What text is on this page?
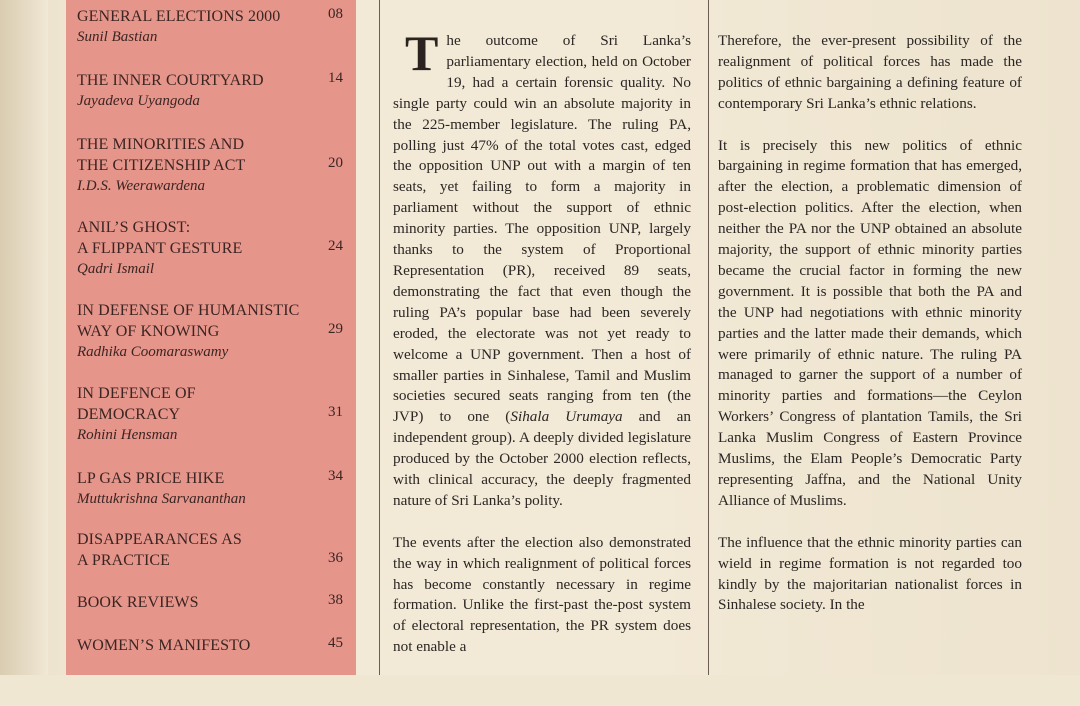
GENERAL ELECTIONS 2000
Sunil Bastian
08
THE INNER COURTYARD
Jayadeva Uyangoda
14
THE MINORITIES AND
THE CITIZENSHIP ACT
I.D.S. Weerawardena
20
ANIL’S GHOST:
A FLIPPANT GESTURE
Qadri Ismail
24
IN DEFENSE OF HUMANISTIC
WAY OF KNOWING
Radhika Coomaraswamy
29
IN DEFENCE OF
DEMOCRACY
Rohini Hensman
31
LP GAS PRICE HIKE
Muttukrishna Sarvananthan
34
DISAPPEARANCES AS
A PRACTICE	36
BOOK REVIEWS	38
WOMEN’S MANIFESTO	45

The outcome of Sri Lanka’s parliamentary election, held on October 19, had a certain forensic quality. No single party could win an absolute majority in the 225-member legislature. The ruling PA, polling just 47% of the total votes cast, edged the opposition UNP out with a margin of ten seats, yet failing to form a majority in parliament without the support of ethnic minority parties. The opposition UNP, largely thanks to the system of Proportional Representation (PR), received 89 seats, demonstrating the fact that even though the ruling PA’s popular base had been severely eroded, the electorate was not yet ready to welcome a UNP government. Then a host of smaller parties in Sinhalese, Tamil and Muslim societies secured seats ranging from ten (the JVP) to one (Sihala Urumaya and an independent group). A deeply divided legislature produced by the October 2000 election reflects, with clinical accuracy, the deeply fragmented nature of Sri Lanka’s polity.

The events after the election also demonstrated the way in which realignment of political forces has become constantly necessary in regime formation. Unlike the first-past the-post system of electoral representation, the PR system does not enable a

Therefore, the ever-present possibility of the realignment of political forces has made the politics of ethnic bargaining a defining feature of contemporary Sri Lanka’s ethnic relations.

It is precisely this new politics of ethnic bargaining in regime formation that has emerged, after the election, a problematic dimension of post-election politics. After the election, when neither the PA nor the UNP obtained an absolute majority, the support of ethnic minority parties became the crucial factor in forming the new government. It is possible that both the PA and the UNP had negotiations with ethnic minority parties and the latter made their demands, which were primarily of ethnic nature. The ruling PA managed to garner the support of a number of minority parties and formations—the Ceylon Workers’ Congress of plantation Tamils, the Sri Lanka Muslim Congress of Eastern Province Muslims, the Elam People’s Democratic Party representing Jaffna, and the National Unity Alliance of Muslims.

The influence that the ethnic minority parties can wield in regime formation is not regarded too kindly by the majoritarian nationalist forces in Sinhalese society. In the
